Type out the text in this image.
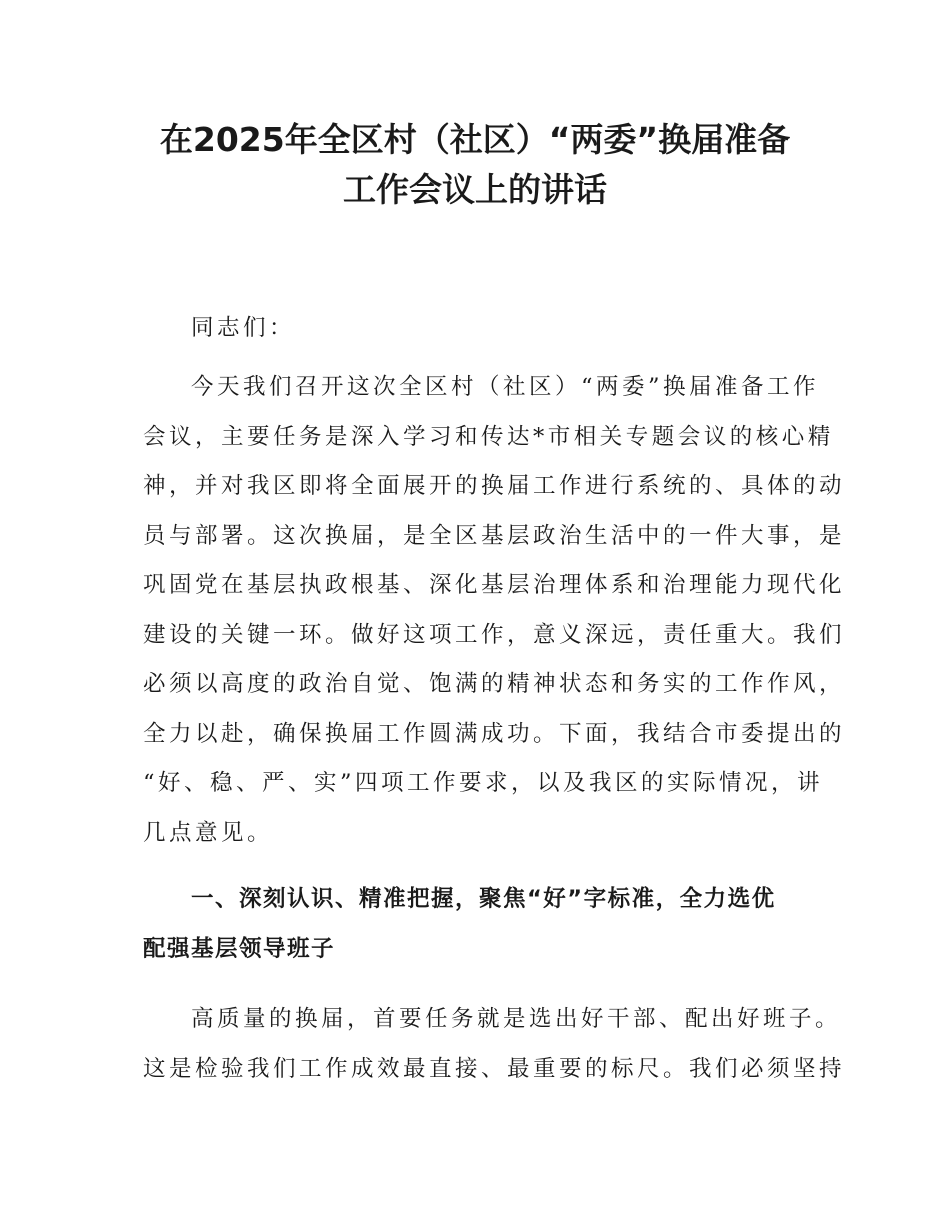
在2025年全区村（社区）“两委”换届准备
工作会议上的讲话
同志们：
今天我们召开这次全区村（社区）“两委”换届准备工作
会议，主要任务是深入学习和传达*市相关专题会议的核心精
神，并对我区即将全面展开的换届工作进行系统的、具体的动
员与部署。这次换届，是全区基层政治生活中的一件大事，是
巩固党在基层执政根基、深化基层治理体系和治理能力现代化
建设的关键一环。做好这项工作，意义深远，责任重大。我们
必须以高度的政治自觉、饱满的精神状态和务实的工作作风，
全力以赴，确保换届工作圆满成功。下面，我结合市委提出的
“好、稳、严、实”四项工作要求，以及我区的实际情况，讲
几点意见。
一、深刻认识、精准把握，聚焦“好”字标准，全力选优
配强基层领导班子
高质量的换届，首要任务就是选出好干部、配出好班子。
这是检验我们工作成效最直接、最重要的标尺。我们必须坚持
